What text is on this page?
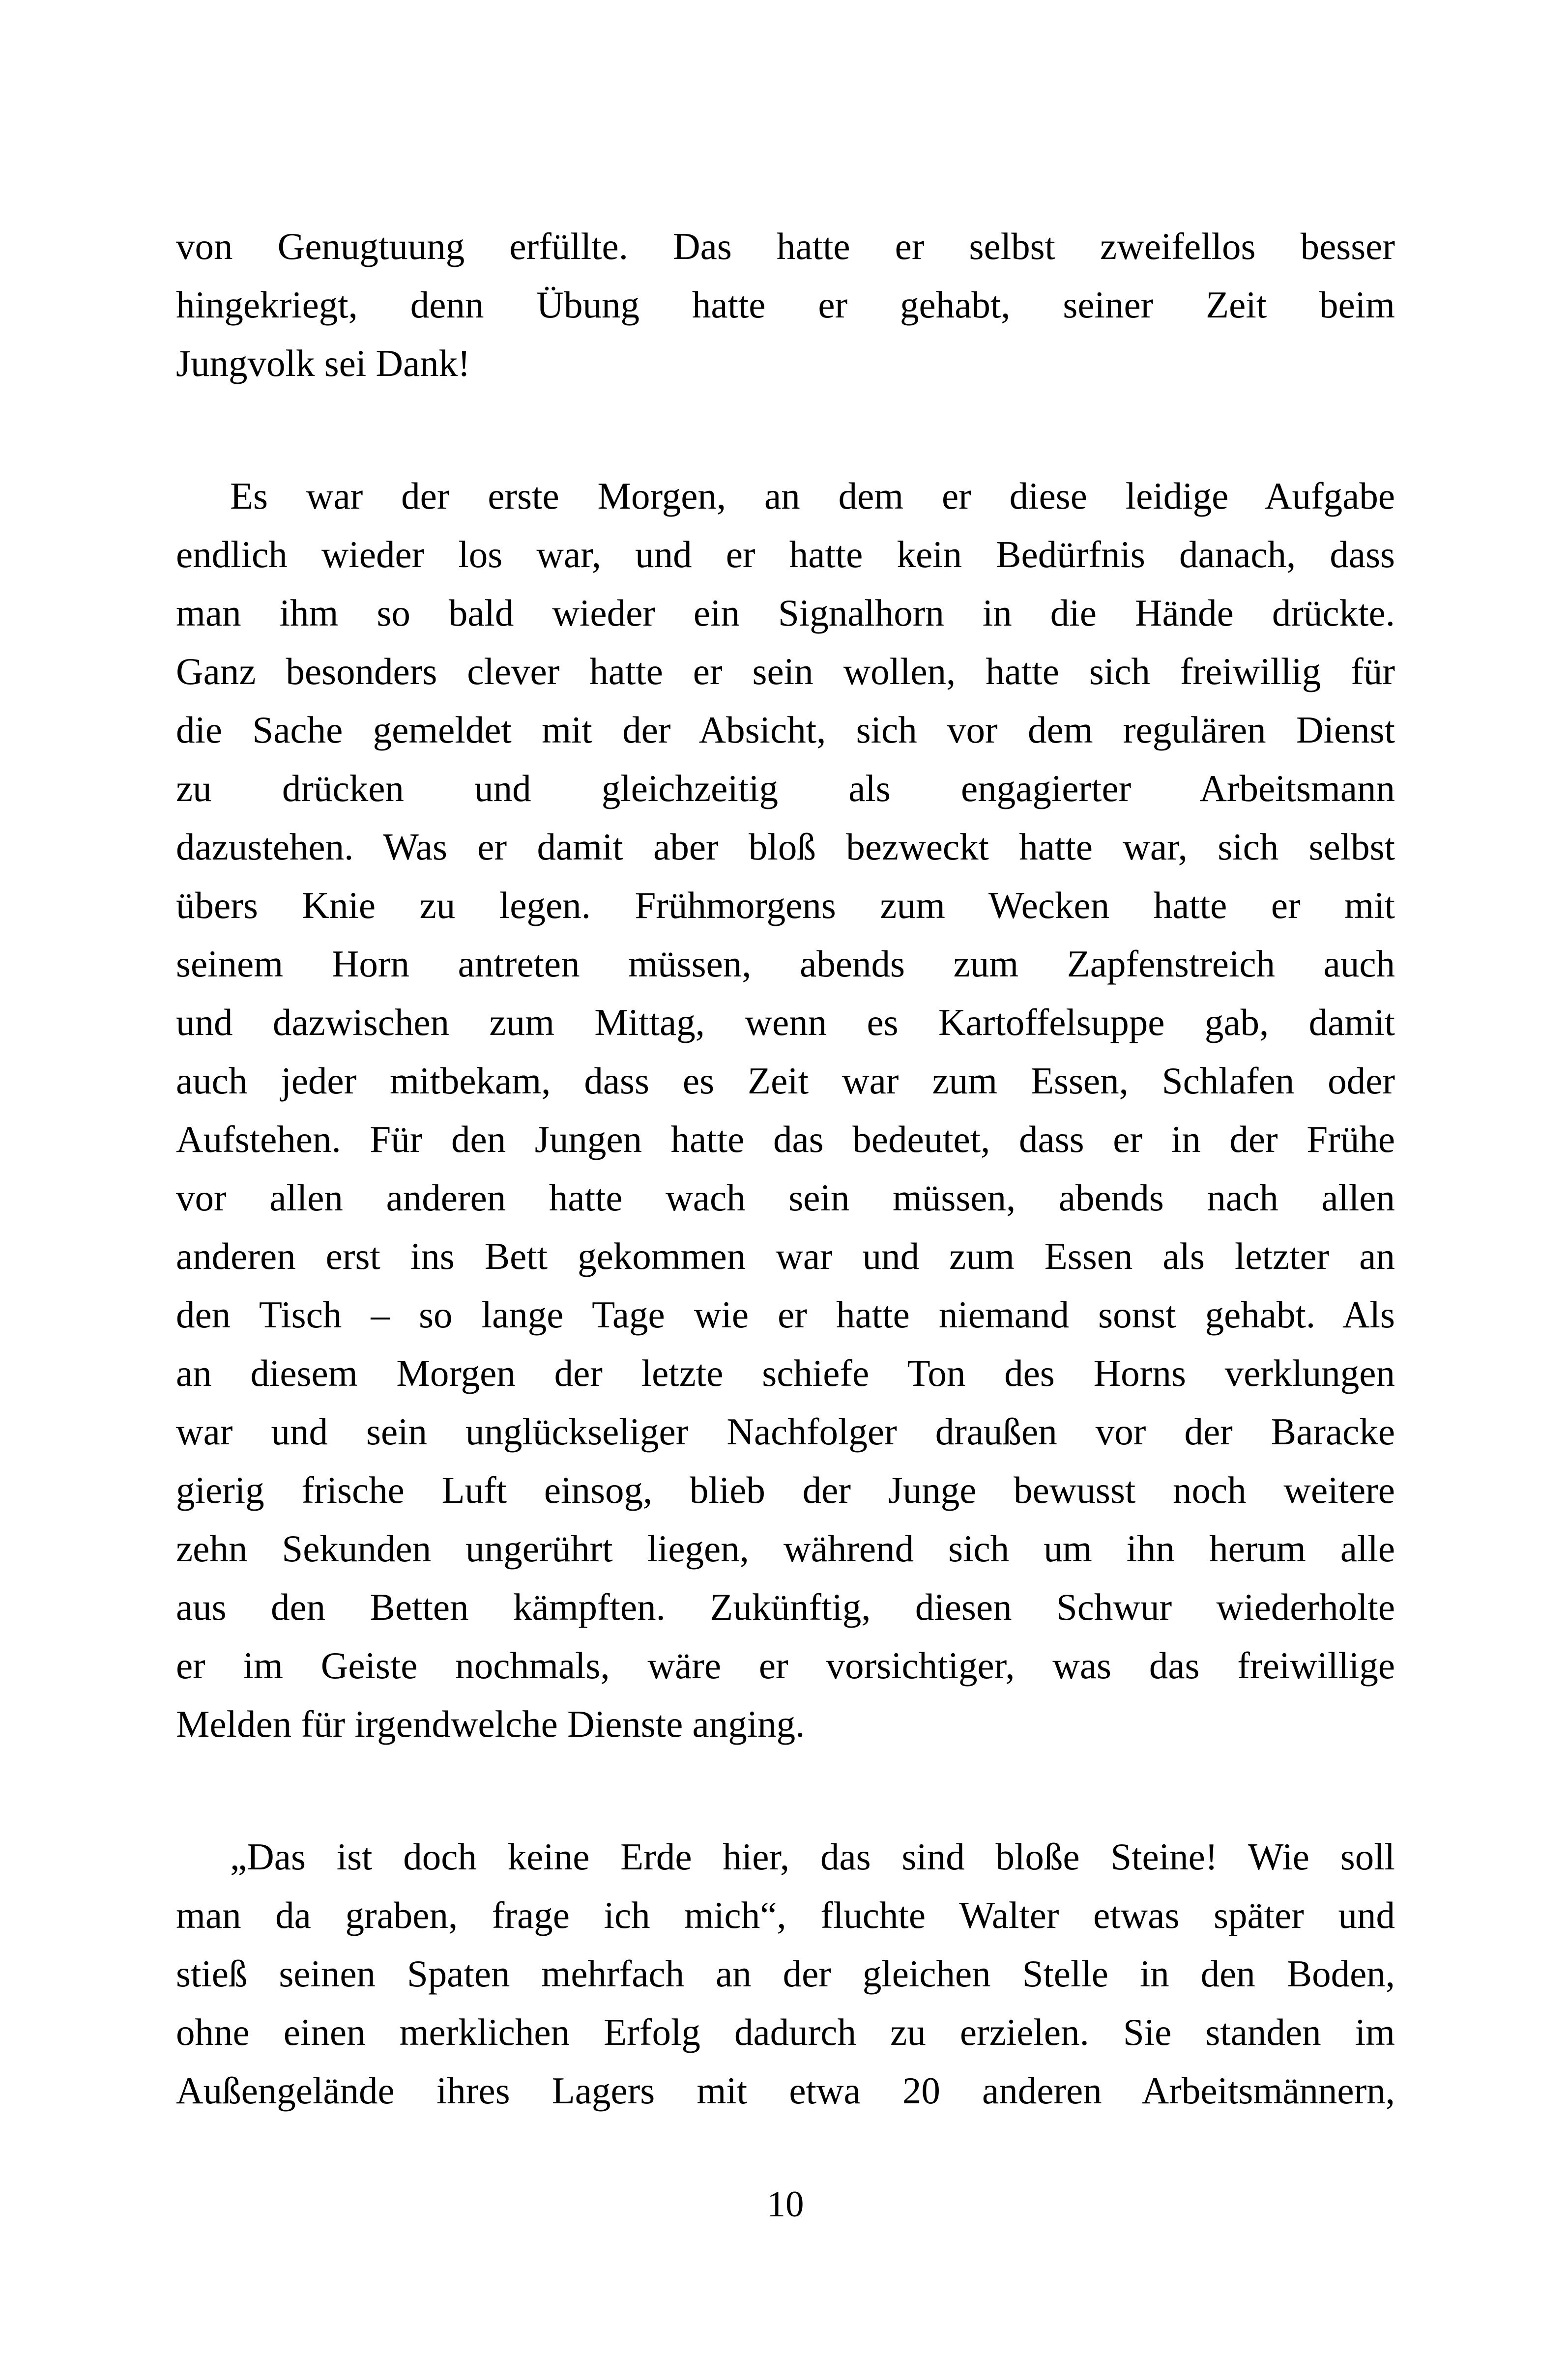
von Genugtuung erfüllte. Das hatte er selbst zweifellos besser
hingekriegt, denn Übung hatte er gehabt, seiner Zeit beim
Jungvolk sei Dank!
Es war der erste Morgen, an dem er diese leidige Aufgabe
endlich wieder los war, und er hatte kein Bedürfnis danach, dass
man ihm so bald wieder ein Signalhorn in die Hände drückte.
Ganz besonders clever hatte er sein wollen, hatte sich freiwillig für
die Sache gemeldet mit der Absicht, sich vor dem regulären Dienst
zu drücken und gleichzeitig als engagierter Arbeitsmann
dazustehen. Was er damit aber bloß bezweckt hatte war, sich selbst
übers Knie zu legen. Frühmorgens zum Wecken hatte er mit
seinem Horn antreten müssen, abends zum Zapfenstreich auch
und dazwischen zum Mittag, wenn es Kartoffelsuppe gab, damit
auch jeder mitbekam, dass es Zeit war zum Essen, Schlafen oder
Aufstehen. Für den Jungen hatte das bedeutet, dass er in der Frühe
vor allen anderen hatte wach sein müssen, abends nach allen
anderen erst ins Bett gekommen war und zum Essen als letzter an
den Tisch – so lange Tage wie er hatte niemand sonst gehabt. Als
an diesem Morgen der letzte schiefe Ton des Horns verklungen
war und sein unglückseliger Nachfolger draußen vor der Baracke
gierig frische Luft einsog, blieb der Junge bewusst noch weitere
zehn Sekunden ungerührt liegen, während sich um ihn herum alle
aus den Betten kämpften. Zukünftig, diesen Schwur wiederholte
er im Geiste nochmals, wäre er vorsichtiger, was das freiwillige
Melden für irgendwelche Dienste anging.
„Das ist doch keine Erde hier, das sind bloße Steine! Wie soll
man da graben, frage ich mich“, fluchte Walter etwas später und
stieß seinen Spaten mehrfach an der gleichen Stelle in den Boden,
ohne einen merklichen Erfolg dadurch zu erzielen. Sie standen im
Außengelände ihres Lagers mit etwa 20 anderen Arbeitsmännern,
10
